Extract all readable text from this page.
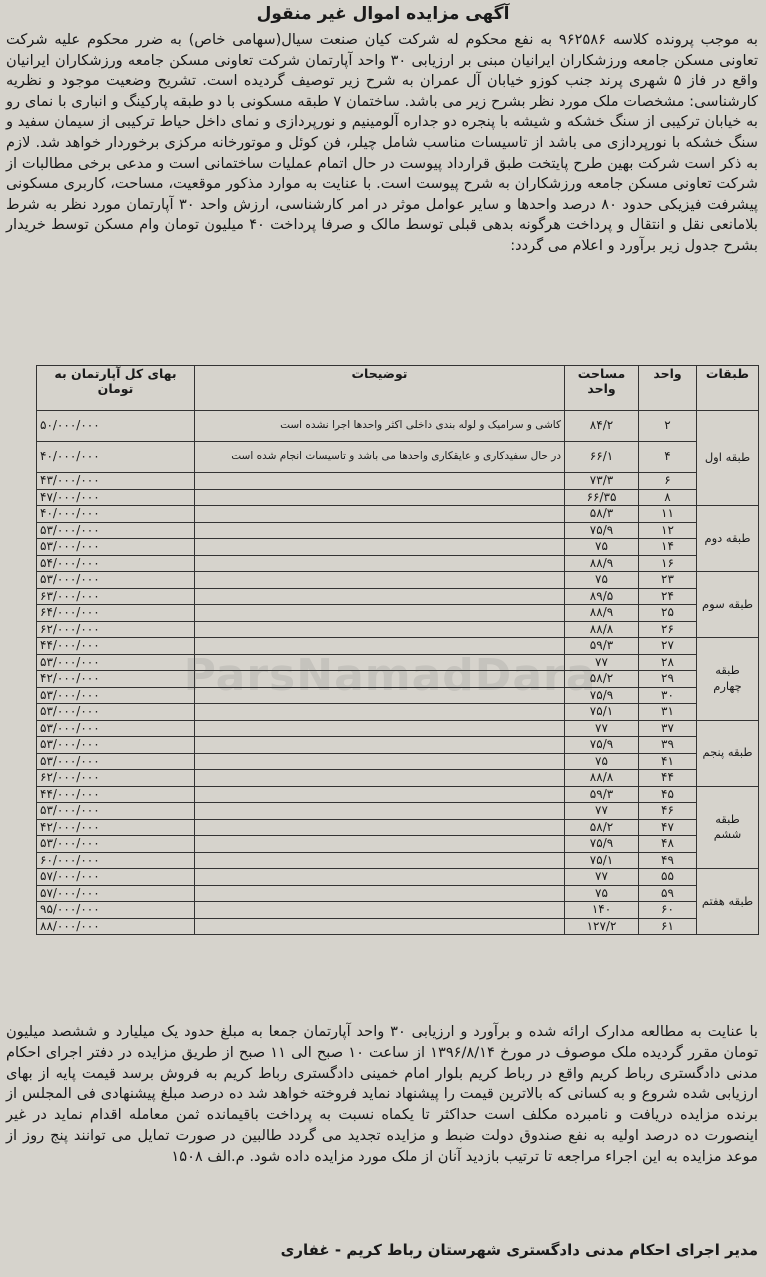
ParsNamadDara
آگهی مزایده اموال غیر منقول
به موجب پرونده کلاسه ۹۶۲۵۸۶ به نفع محکوم له شرکت کیان صنعت سیال(سهامی خاص) به ضرر محکوم علیه شرکت تعاونی مسکن جامعه ورزشکاران ایرانیان مبنی بر ارزیابی ۳۰ واحد آپارتمان شرکت تعاونی مسکن جامعه ورزشکاران ایرانیان واقع در فاز ۵ شهری پرند جنب کوزو خیابان آل عمران به شرح زیر توصیف گردیده است. تشریح وضعیت موجود و نظریه کارشناسی: مشخصات ملک مورد نظر بشرح زیر می باشد. ساختمان ۷ طبقه مسکونی با دو طبقه پارکینگ و انباری با نمای رو به خیابان ترکیبی از سنگ خشکه و شیشه با پنجره دو جداره آلومینیم و نورپردازی و نمای داخل حیاط ترکیبی از سیمان سفید و سنگ خشکه با نورپردازی می باشد از تاسیسات مناسب شامل چیلر، فن کوئل و موتورخانه مرکزی برخوردار خواهد شد. لازم به ذکر است شرکت بهین طرح پایتخت طبق قرارداد پیوست در حال اتمام عملیات ساختمانی است و مدعی برخی مطالبات از شرکت تعاونی مسکن جامعه ورزشکاران به شرح پیوست است. با عنایت به موارد مذکور موقعیت، مساحت، کاربری مسکونی پیشرفت فیزیکی حدود ۸۰ درصد واحدها و سایر عوامل موثر در امر کارشناسی، ارزش واحد ۳۰ آپارتمان مورد نظر به شرط بلامانعی نقل و انتقال و پرداخت هرگونه بدهی قبلی توسط مالک و صرفا پرداخت ۴۰ میلیون تومان وام مسکن توسط خریدار بشرح جدول زیر برآورد و اعلام می گردد:
طبقات	واحد	مساحت واحد	توضیحات	بهای کل آپارتمان به تومان
طبقه اول	۲	۸۴/۲	کاشی و سرامیک و لوله بندی داخلی اکثر واحدها اجرا نشده است	۵۰/۰۰۰/۰۰۰
	۴	۶۶/۱	در حال سفیدکاری و عایقکاری واحدها می باشد و تاسیسات انجام شده است	۴۰/۰۰۰/۰۰۰
	۶	۷۳/۳		۴۳/۰۰۰/۰۰۰
	۸	۶۶/۳۵		۴۷/۰۰۰/۰۰۰
طبقه دوم	۱۱	۵۸/۳		۴۰/۰۰۰/۰۰۰
	۱۲	۷۵/۹		۵۳/۰۰۰/۰۰۰
	۱۴	۷۵		۵۳/۰۰۰/۰۰۰
	۱۶	۸۸/۹		۵۴/۰۰۰/۰۰۰
طبقه سوم	۲۳	۷۵		۵۳/۰۰۰/۰۰۰
	۲۴	۸۹/۵		۶۳/۰۰۰/۰۰۰
	۲۵	۸۸/۹		۶۴/۰۰۰/۰۰۰
	۲۶	۸۸/۸		۶۲/۰۰۰/۰۰۰
طبقه چهارم	۲۷	۵۹/۳		۴۴/۰۰۰/۰۰۰
	۲۸	۷۷		۵۳/۰۰۰/۰۰۰
	۲۹	۵۸/۲		۴۲/۰۰۰/۰۰۰
	۳۰	۷۵/۹		۵۳/۰۰۰/۰۰۰
	۳۱	۷۵/۱		۵۳/۰۰۰/۰۰۰
طبقه پنجم	۳۷	۷۷		۵۳/۰۰۰/۰۰۰
	۳۹	۷۵/۹		۵۳/۰۰۰/۰۰۰
	۴۱	۷۵		۵۳/۰۰۰/۰۰۰
	۴۴	۸۸/۸		۶۲/۰۰۰/۰۰۰
طبقه ششم	۴۵	۵۹/۳		۴۴/۰۰۰/۰۰۰
	۴۶	۷۷		۵۳/۰۰۰/۰۰۰
	۴۷	۵۸/۲		۴۲/۰۰۰/۰۰۰
	۴۸	۷۵/۹		۵۳/۰۰۰/۰۰۰
	۴۹	۷۵/۱		۶۰/۰۰۰/۰۰۰
طبقه هفتم	۵۵	۷۷		۵۷/۰۰۰/۰۰۰
	۵۹	۷۵		۵۷/۰۰۰/۰۰۰
	۶۰	۱۴۰		۹۵/۰۰۰/۰۰۰
	۶۱	۱۲۷/۲		۸۸/۰۰۰/۰۰۰
با عنایت به مطالعه مدارک ارائه شده و برآورد و ارزیابی ۳۰ واحد آپارتمان جمعا به مبلغ حدود یک میلیارد و ششصد میلیون تومان مقرر گردیده ملک موصوف در مورخ ۱۳۹۶/۸/۱۴ از ساعت ۱۰ صبح الی ۱۱ صبح از طریق مزایده در دفتر اجرای احکام مدنی دادگستری رباط کریم واقع در رباط کریم بلوار امام خمینی دادگستری رباط کریم به فروش برسد قیمت پایه از بهای ارزیابی شده شروع و به کسانی که بالاترین قیمت را پیشنهاد نماید فروخته خواهد شد ده درصد مبلغ پیشنهادی فی المجلس از برنده مزایده دریافت و نامبرده مکلف است حداکثر تا یکماه نسبت به پرداخت باقیمانده ثمن معامله اقدام نماید در غیر اینصورت ده درصد اولیه به نفع صندوق دولت ضبط و مزایده تجدید می گردد طالبین در صورت تمایل می توانند پنج روز از موعد مزایده به این اجراء مراجعه تا ترتیب بازدید آنان از ملک مورد مزایده داده شود. م.الف ۱۵۰۸
مدیر اجرای احکام مدنی دادگستری شهرستان رباط کریم - غفاری
